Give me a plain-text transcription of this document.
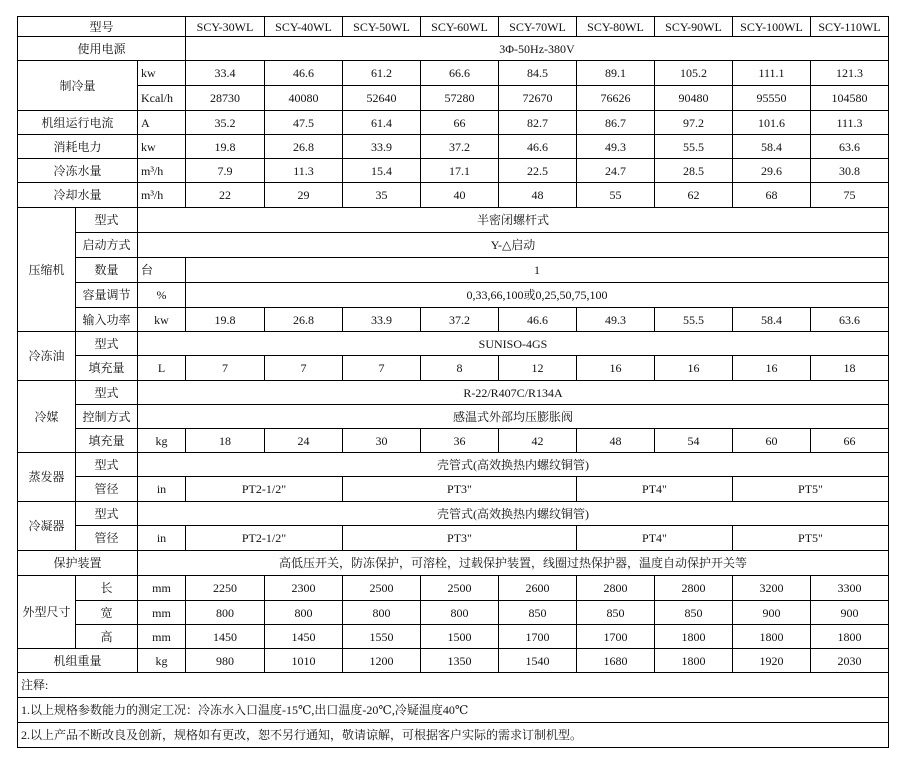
型号			SCY-30WL	SCY-40WL	SCY-50WL	SCY-60WL	SCY-70WL	SCY-80WL	SCY-90WL	SCY-100WL	SCY-110WL
使用电源			3Φ-50Hz-380V								
制冷量		kw	33.4	46.6	61.2	66.6	84.5	89.1	105.2	111.1	121.3
		Kcal/h	28730	40080	52640	57280	72670	76626	90480	95550	104580
机组运行电流		A	35.2	47.5	61.4	66	82.7	86.7	97.2	101.6	111.3
消耗电力		kw	19.8	26.8	33.9	37.2	46.6	49.3	55.5	58.4	63.6
冷冻水量		m³/h	7.9	11.3	15.4	17.1	22.5	24.7	28.5	29.6	30.8
冷却水量		m³/h	22	29	35	40	48	55	62	68	75
压缩机	型式	半密闭螺杆式									
	启动方式	Y-△启动									
	数量	台	1								
	容量调节	%	0,33,66,100或0,25,50,75,100								
	输入功率	kw	19.8	26.8	33.9	37.2	46.6	49.3	55.5	58.4	63.6
冷冻油	型式	SUNISO-4GS									
	填充量	L	7	7	7	8	12	16	16	16	18
冷媒	型式	R-22/R407C/R134A									
	控制方式	感温式外部均压膨胀阀									
	填充量	kg	18	24	30	36	42	48	54	60	66
蒸发器	型式	壳管式(高效换热内螺纹铜管)									
	管径	in	PT2-1/2"		PT3"			PT4"		PT5"	
冷凝器	型式	壳管式(高效换热内螺纹铜管)									
	管径	in	PT2-1/2"		PT3"			PT4"		PT5"	
保护装置		高低压开关，防冻保护，可溶栓，过载保护装置，线圈过热保护器，温度自动保护开关等									
外型尺寸	长	mm	2250	2300	2500	2500	2600	2800	2800	3200	3300
	宽	mm	800	800	800	800	850	850	850	900	900
	高	mm	1450	1450	1550	1500	1700	1700	1800	1800	1800
机组重量		kg	980	1010	1200	1350	1540	1680	1800	1920	2030
注释:											
1.以上规格参数能力的测定工况：冷冻水入口温度-15℃,出口温度-20℃,冷疑温度40℃											
2.以上产品不断改良及创新，规格如有更改，恕不另行通知，敬请谅解，可根据客户实际的需求订制机型。											
